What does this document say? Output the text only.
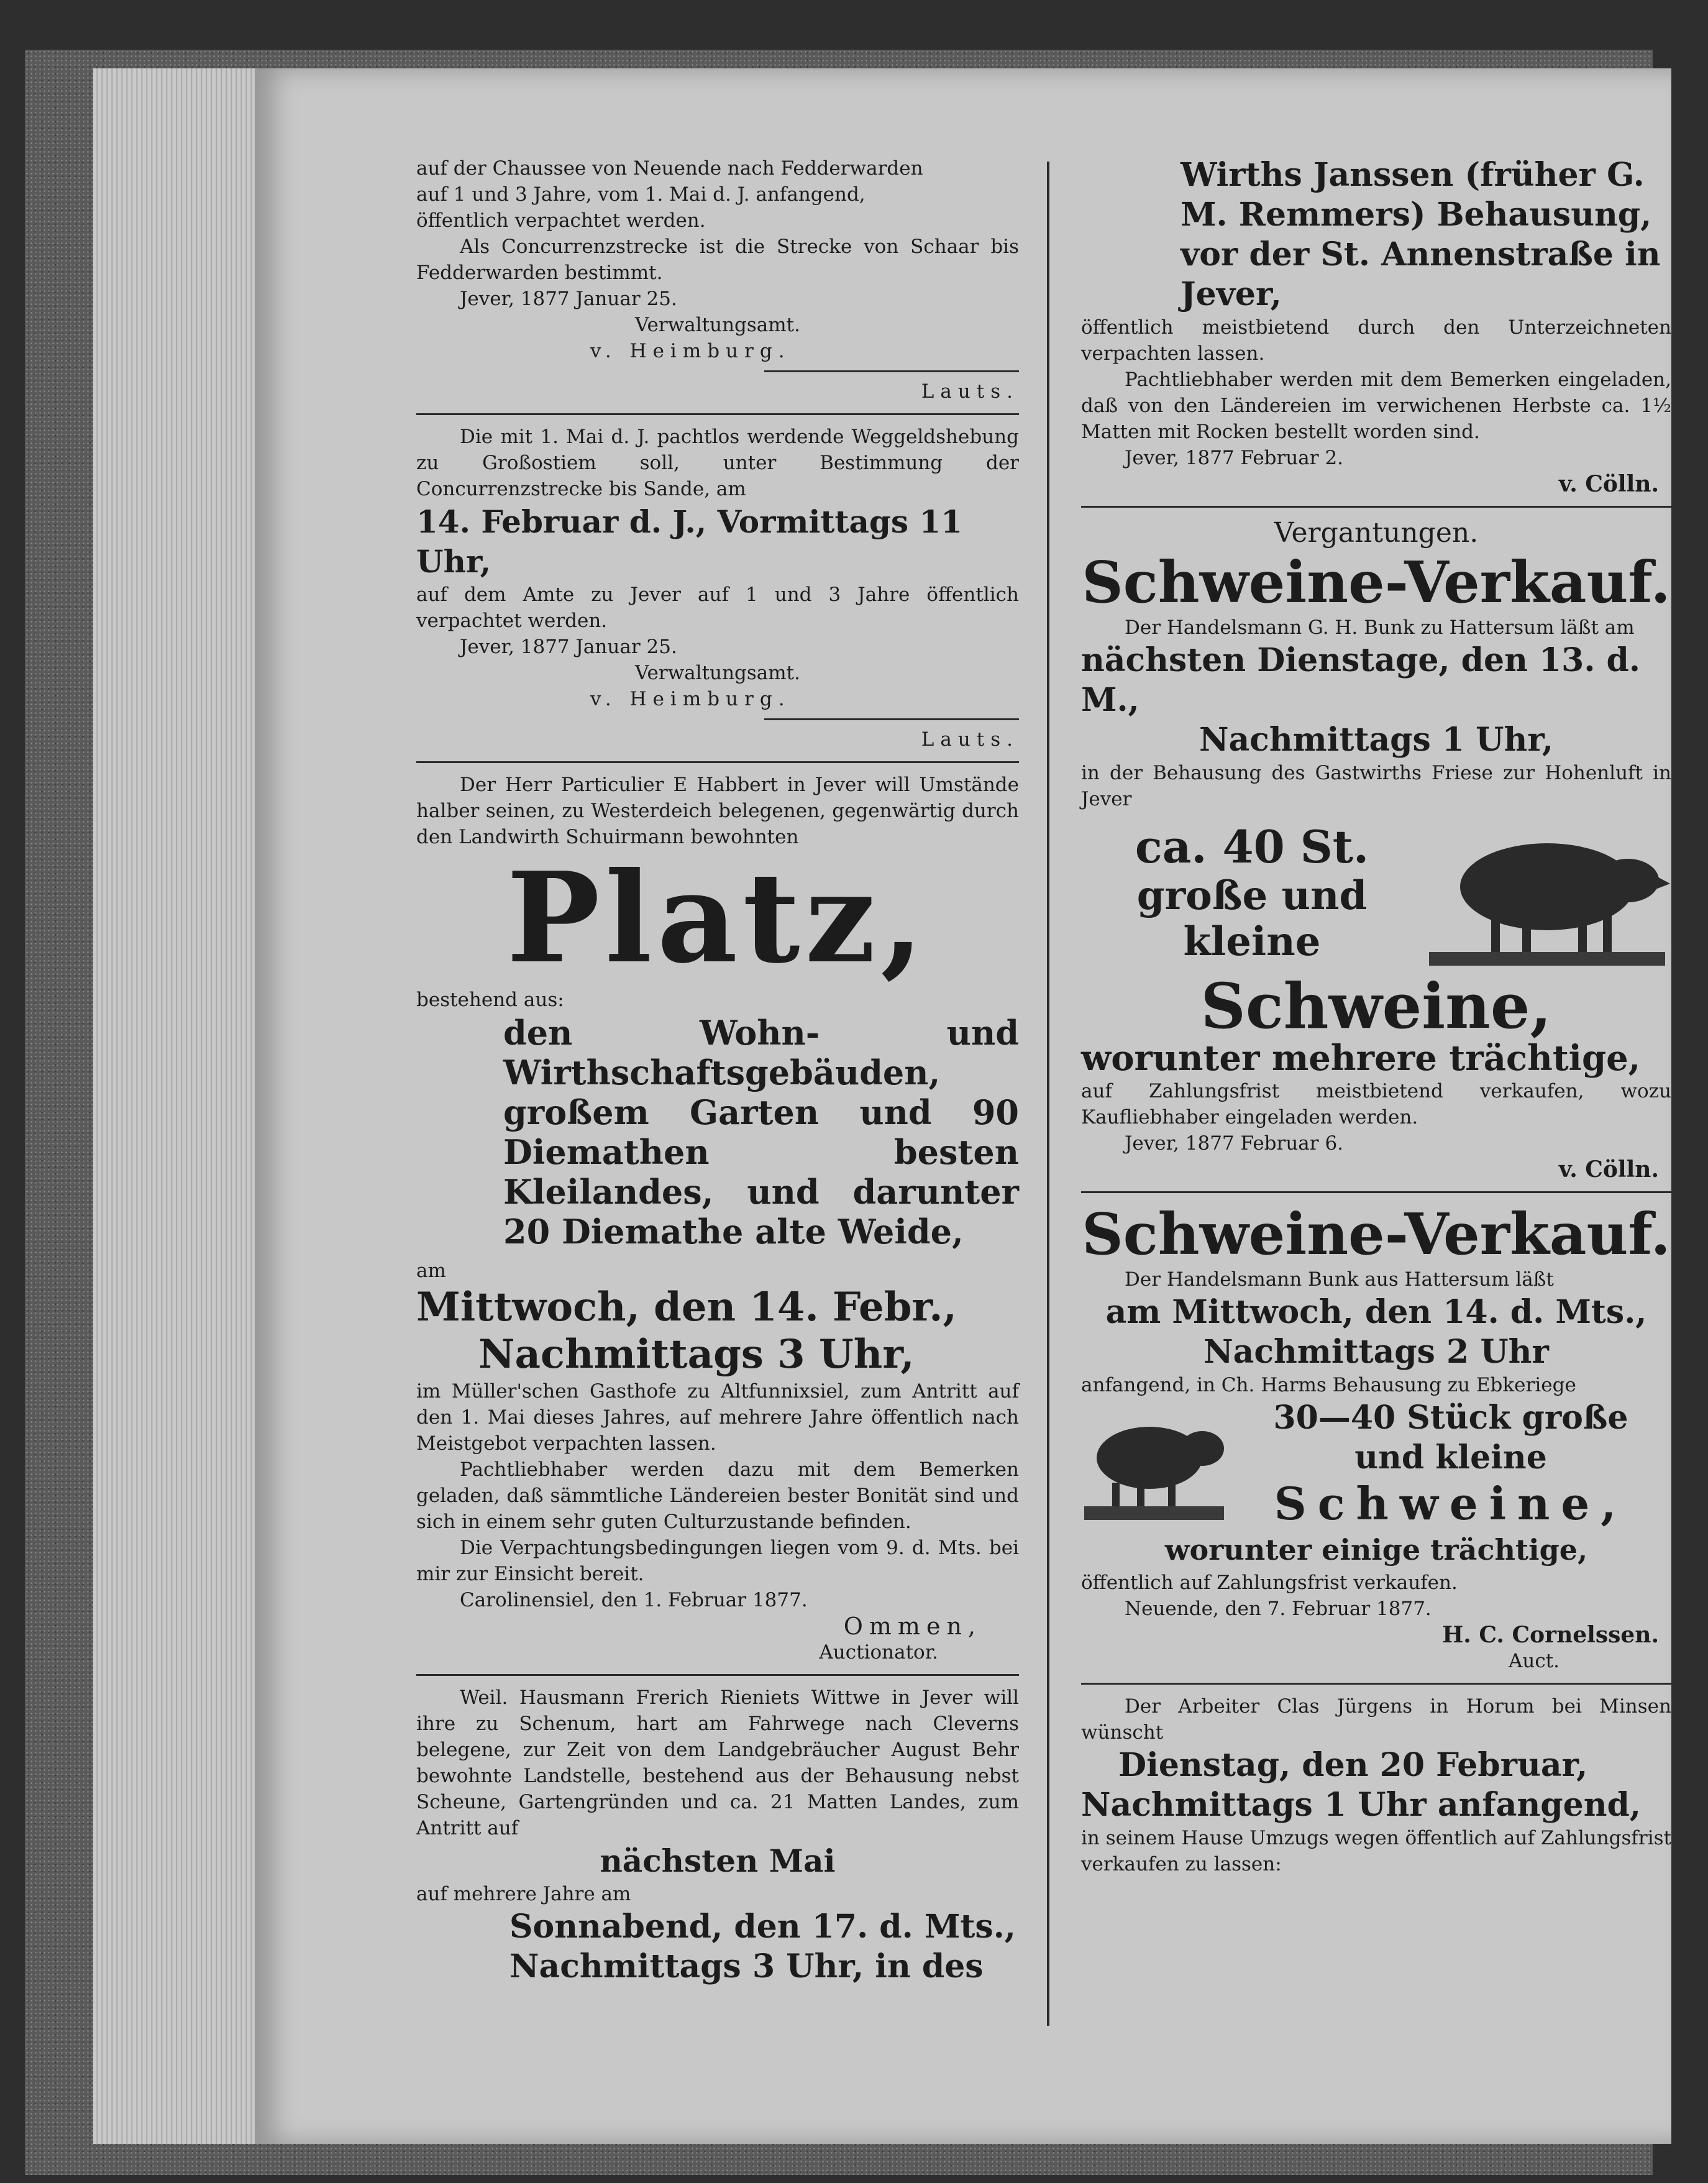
auf der Chaussee von Neuende nach Fedderwarden

auf 1 und 3 Jahre, vom 1. Mai d. J. anfangend,

öffentlich verpachtet werden.

Als Concurrenzstrecke ist die Strecke von Schaar bis Fedderwarden bestimmt.

Jever, 1877 Januar 25.

Verwaltungsamt.

v. Heimburg.

Lauts.

Die mit 1. Mai d. J. pachtlos werdende Weggeldshebung zu Großostiem soll, unter Bestimmung der Concurrenzstrecke bis Sande, am

14. Februar d. J., Vormittags 11 Uhr,

auf dem Amte zu Jever auf 1 und 3 Jahre öffentlich verpachtet werden.

Jever, 1877 Januar 25.

Verwaltungsamt.

v. Heimburg.

Lauts.

Der Herr Particulier E Habbert in Jever will Umstände halber seinen, zu Westerdeich belegenen, gegenwärtig durch den Landwirth Schuirmann bewohnten

Platz,

bestehend aus:

den Wohn- und Wirthschaftsgebäuden, großem Garten und 90 Diemathen besten Kleilandes, und darunter 20 Diemathe alte Weide,

am

Mittwoch, den 14. Febr.,

Nachmittags 3 Uhr,

im Müller'schen Gasthofe zu Altfunnixsiel, zum Antritt auf den 1. Mai dieses Jahres, auf mehrere Jahre öffentlich nach Meistgebot verpachten lassen.

Pachtliebhaber werden dazu mit dem Bemerken geladen, daß sämmtliche Ländereien bester Bonität sind und sich in einem sehr guten Culturzustande befinden.

Die Verpachtungsbedingungen liegen vom 9. d. Mts. bei mir zur Einsicht bereit.

Carolinensiel, den 1. Februar 1877.

Ommen,

Auctionator.

Weil. Hausmann Frerich Rieniets Wittwe in Jever will ihre zu Schenum, hart am Fahrwege nach Cleverns belegene, zur Zeit von dem Landgebräucher August Behr bewohnte Landstelle, bestehend aus der Behausung nebst Scheune, Gartengründen und ca. 21 Matten Landes, zum Antritt auf

nächsten Mai

auf mehrere Jahre am

Sonnabend, den 17. d. Mts.,

Nachmittags 3 Uhr, in des

Wirths Janssen (früher G.

M. Remmers) Behausung,

vor der St. Annenstraße in

Jever,

öffentlich meistbietend durch den Unterzeichneten verpachten lassen.

Pachtliebhaber werden mit dem Bemerken eingeladen, daß von den Ländereien im verwichenen Herbste ca. 1½ Matten mit Rocken bestellt worden sind.

Jever, 1877 Februar 2.

v. Cölln.

Vergantungen.

Schweine-Verkauf.

Der Handelsmann G. H. Bunk zu Hattersum läßt am

nächsten Dienstage, den 13. d. M.,

Nachmittags 1 Uhr,

in der Behausung des Gastwirths Friese zur Hohenluft in Jever

ca. 40 St.

große und

kleine

Schweine,

worunter mehrere trächtige,

auf Zahlungsfrist meistbietend verkaufen, wozu Kaufliebhaber eingeladen werden.

Jever, 1877 Februar 6.

v. Cölln.

Schweine-Verkauf.

Der Handelsmann Bunk aus Hattersum läßt

am Mittwoch, den 14. d. Mts.,

Nachmittags 2 Uhr

anfangend, in Ch. Harms Behausung zu Ebkeriege

30—40 Stück große

und kleine

Schweine,

worunter einige trächtige,

öffentlich auf Zahlungsfrist verkaufen.

Neuende, den 7. Februar 1877.

H. C. Cornelssen.

Auct.

Der Arbeiter Clas Jürgens in Horum bei Minsen wünscht

Dienstag, den 20 Februar,

Nachmittags 1 Uhr anfangend,

in seinem Hause Umzugs wegen öffentlich auf Zahlungsfrist verkaufen zu lassen:
